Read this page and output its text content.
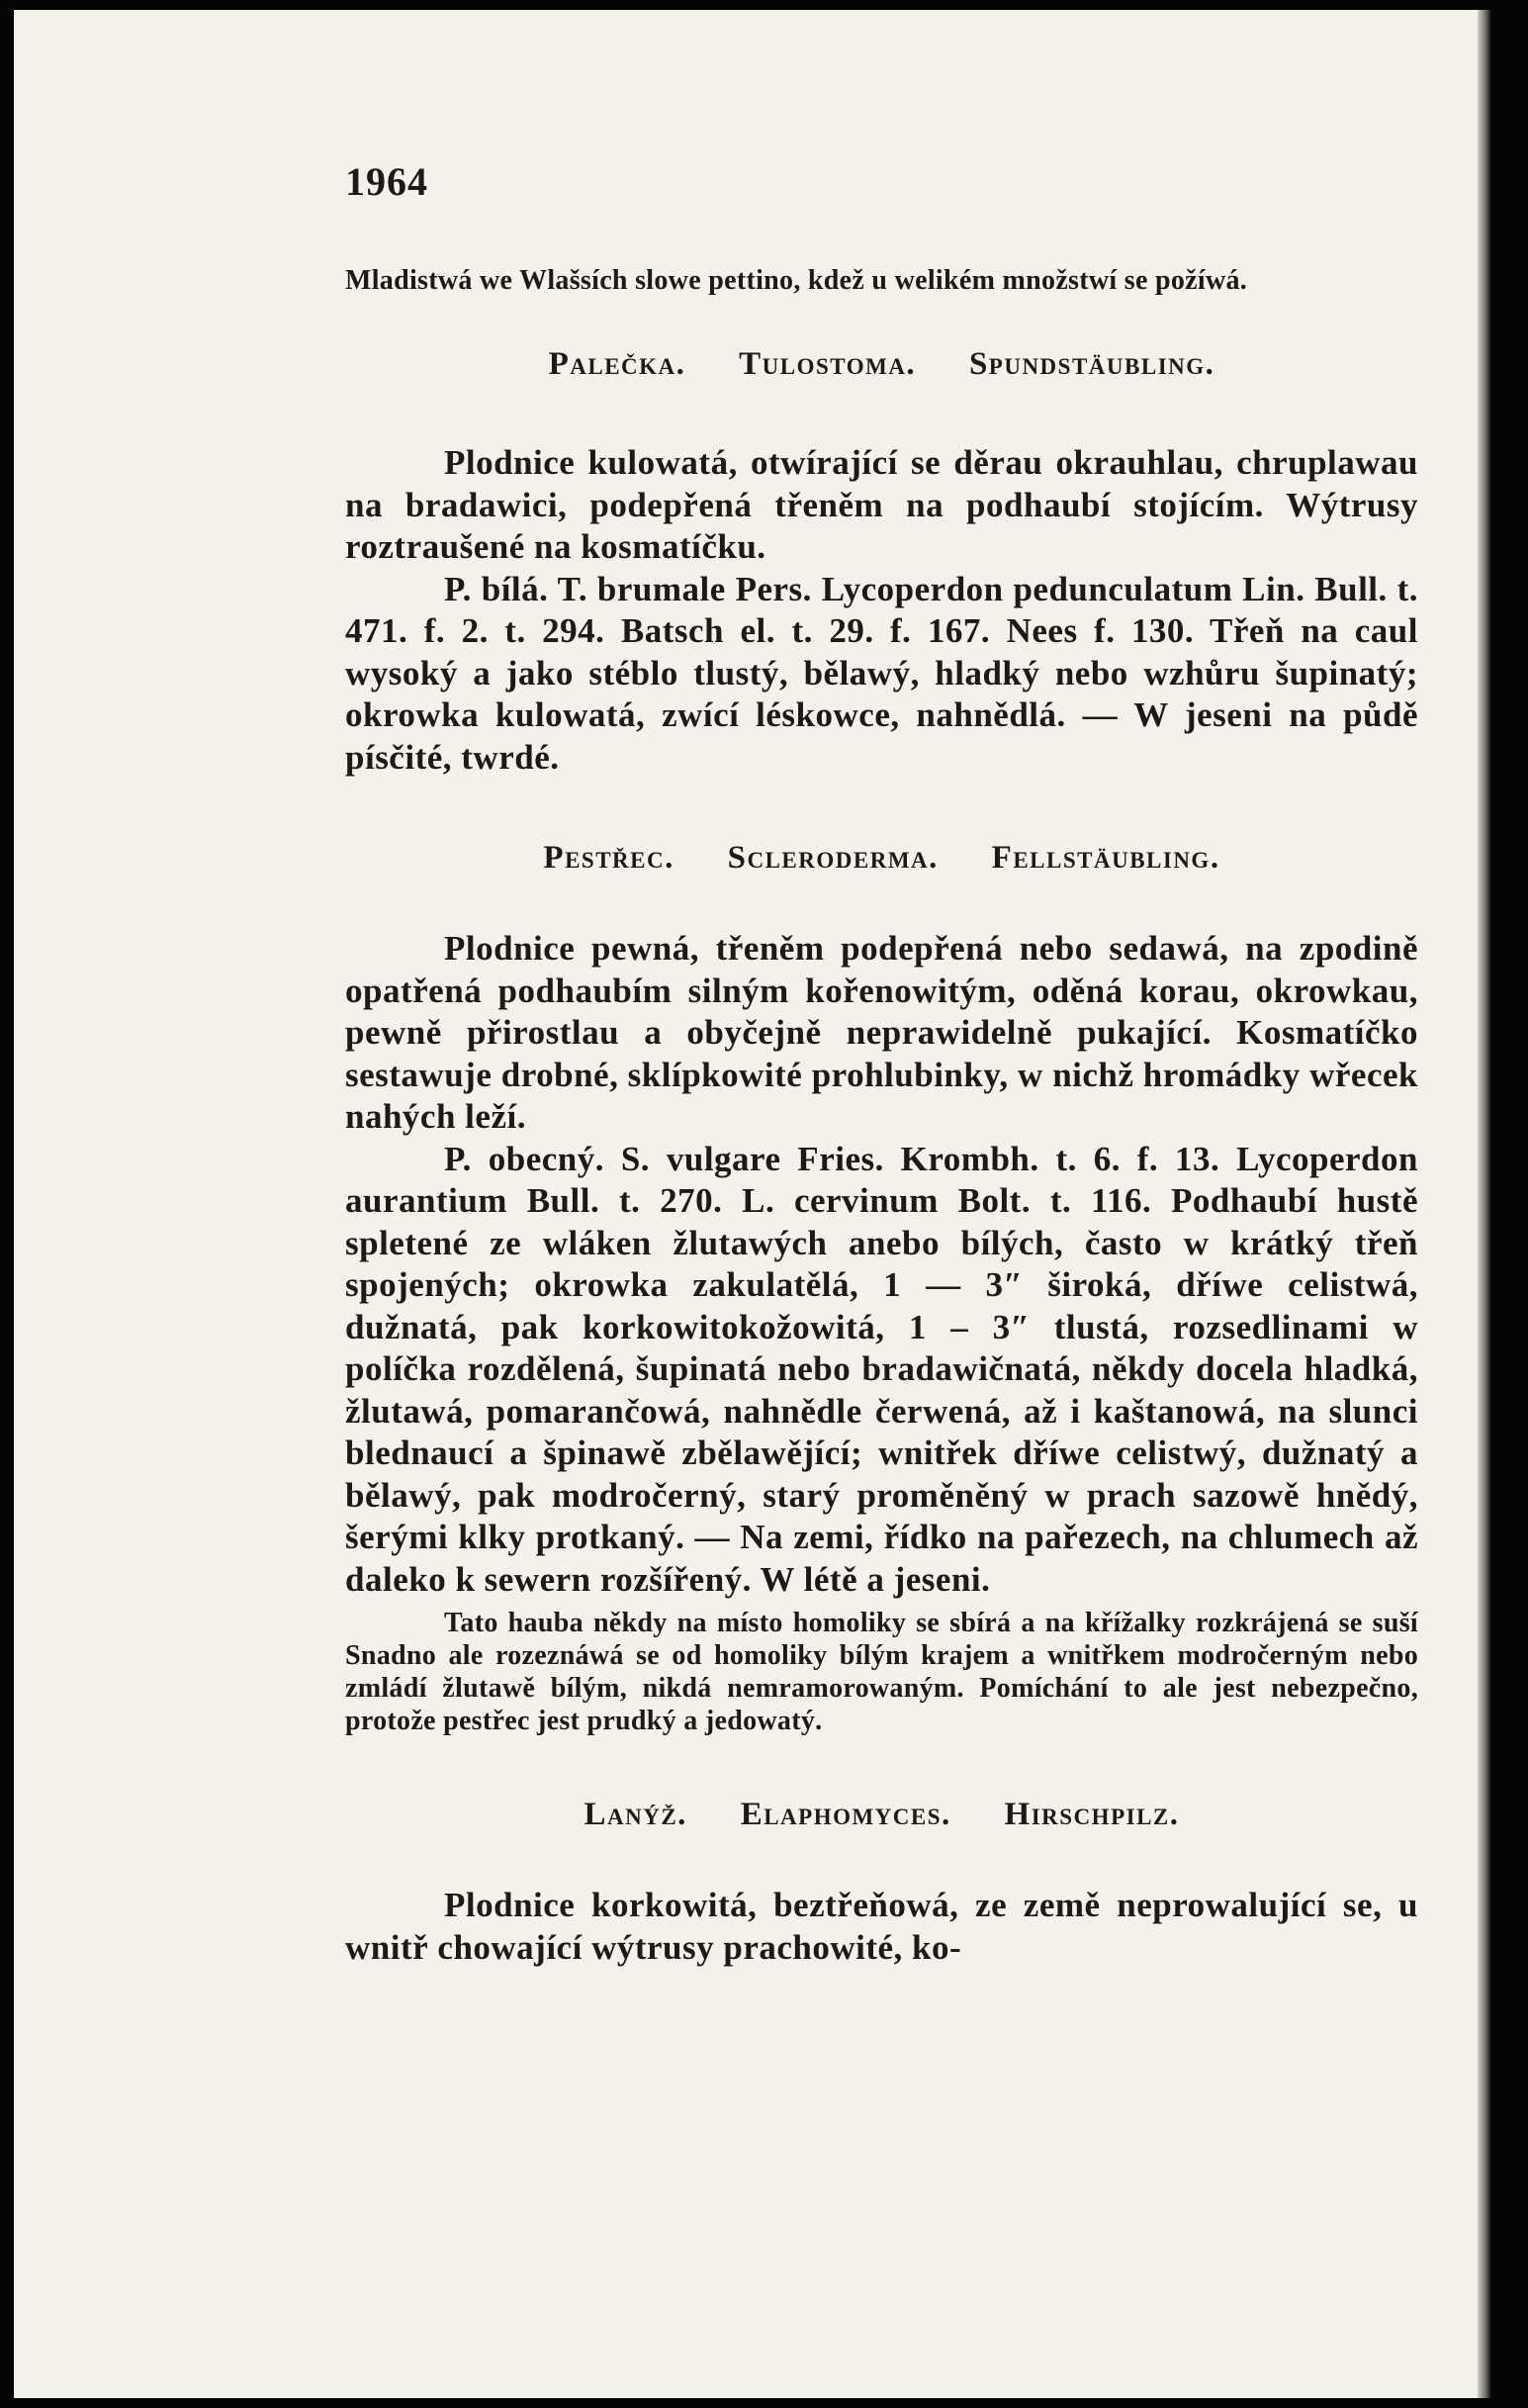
1964

Mladistwá we Wlašsích slowe pettino, kdež u welikém množstwí se požíwá.

Palečka. Tulostoma. Spundstäubling.

Plodnice kulowatá, otwírající se děrau okrauhlau, chruplawau na bradawici, podepřená třeněm na podhaubí stojícím. Wýtrusy roztraušené na kosmatíčku.

P. bílá. T. brumale Pers. Lycoperdon pedunculatum Lin. Bull. t. 471. f. 2. t. 294. Batsch el. t. 29. f. 167. Nees f. 130. Třeň na caul wysoký a jako stéblo tlustý, bělawý, hladký nebo wzhůru šupinatý; okrowka kulowatá, zwící léskowce, nahnědlá. — W jeseni na půdě písčité, twrdé.

Pestřec. Scleroderma. Fellstäubling.

Plodnice pewná, třeněm podepřená nebo sedawá, na zpodině opatřená podhaubím silným kořenowitým, oděná korau, okrowkau, pewně přirostlau a obyčejně neprawidelně pukající. Kosmatíčko sestawuje drobné, sklípkowité prohlubinky, w nichž hromádky wřecek nahých leží.

P. obecný. S. vulgare Fries. Krombh. t. 6. f. 13. Lycoperdon aurantium Bull. t. 270. L. cervinum Bolt. t. 116. Podhaubí hustě spletené ze wláken žlutawých anebo bílých, často w krátký třeň spojených; okrowka zakulatělá, 1 — 3″ široká, dříwe celistwá, dužnatá, pak korkowitokožowitá, 1 – 3″ tlustá, rozsedlinami w políčka rozdělená, šupinatá nebo bradawičnatá, někdy docela hladká, žlutawá, pomarančowá, nahnědle čerwená, až i kaštanowá, na slunci blednaucí a špinawě zbělawějící; wnitřek dříwe celistwý, dužnatý a bělawý, pak modročerný, starý proměněný w prach sazowě hnědý, šerými klky protkaný. — Na zemi, řídko na pařezech, na chlumech až daleko k sewern rozšířený. W létě a jeseni.

Tato hauba někdy na místo homoliky se sbírá a na křížalky rozkrájená se suší Snadno ale rozeznáwá se od homoliky bílým krajem a wnitřkem modročerným nebo zmládí žlutawě bílým, nikdá nemramorowaným. Pomíchání to ale jest nebezpečno, protože pestřec jest prudký a jedowatý.

Lanýž. Elaphomyces. Hirschpilz.

Plodnice korkowitá, beztřeňowá, ze země neprowalující se, u wnitř chowající wýtrusy prachowité, ko-
